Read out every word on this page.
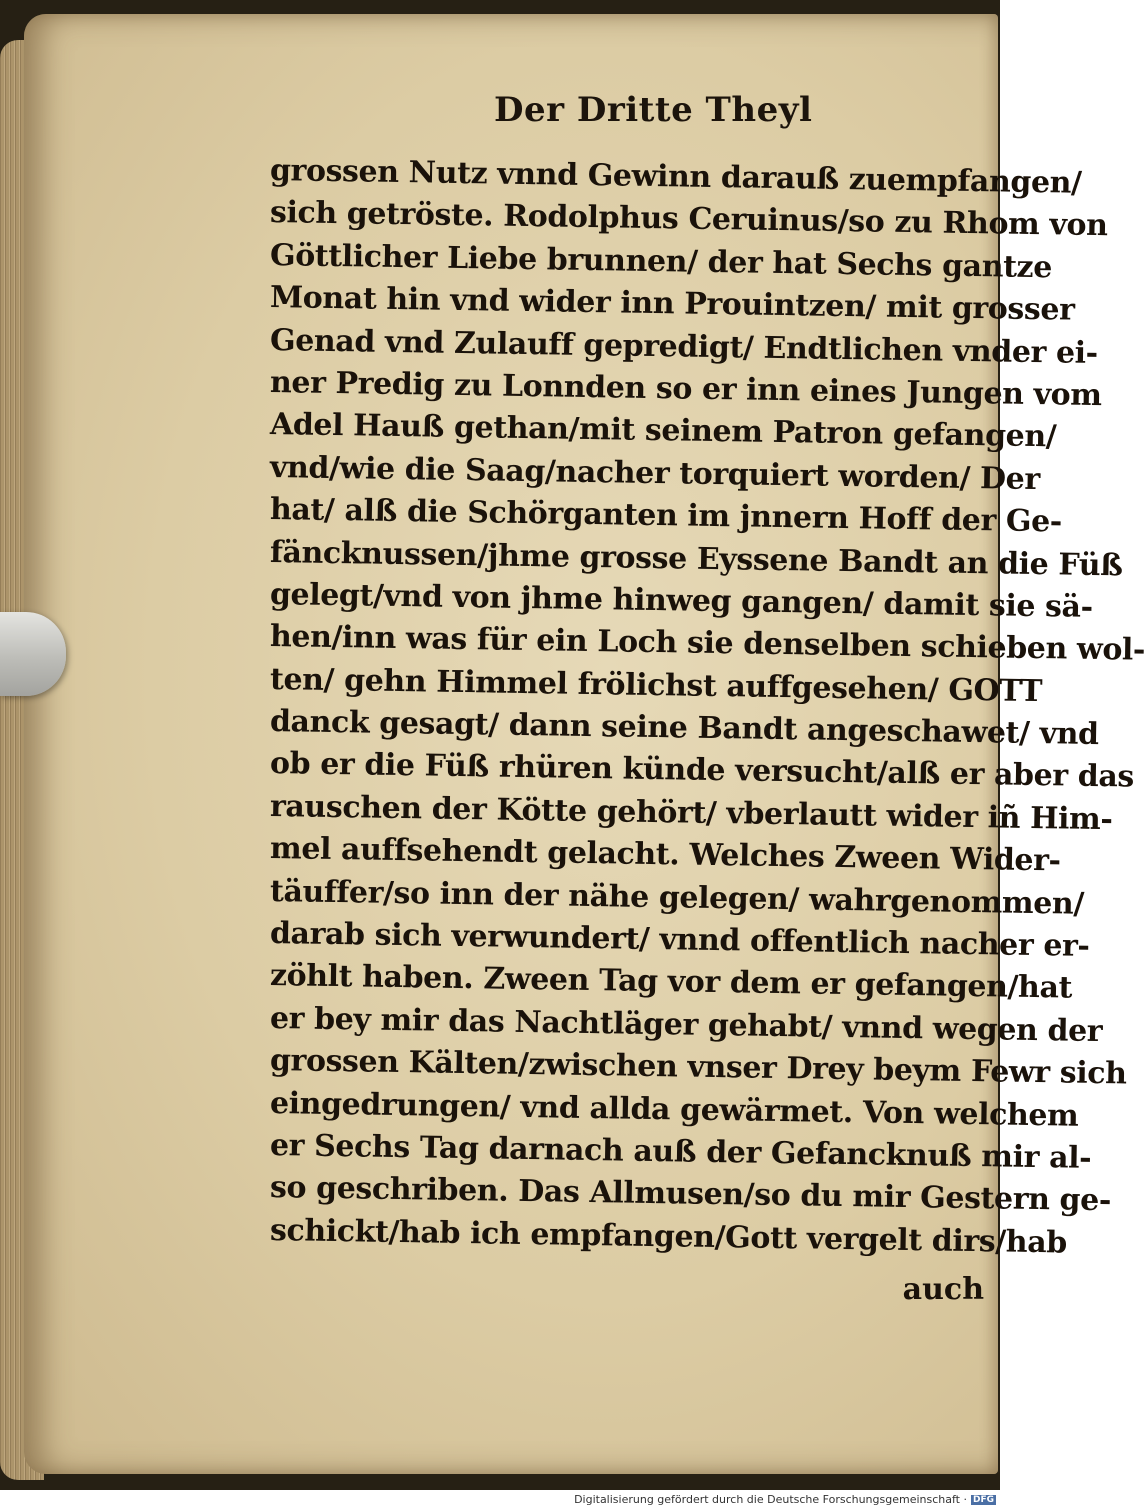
Der Dritte Theyl
grossen Nutz vnnd Gewinn darauß zuempfangen/
sich getröste. Rodolphus Ceruinus/so zu Rhom von
Göttlicher Liebe brunnen/ der hat Sechs gantze
Monat hin vnd wider inn Prouintzen/ mit grosser
Genad vnd Zulauff gepredigt/ Endtlichen vnder ei-
ner Predig zu Lonnden so er inn eines Jungen vom
Adel Hauß gethan/mit seinem Patron gefangen/
vnd/wie die Saag/nacher torquiert worden/ Der
hat/ alß die Schörganten im jnnern Hoff der Ge-
fäncknussen/jhme grosse Eyssene Bandt an die Füß
gelegt/vnd von jhme hinweg gangen/ damit sie sä-
hen/inn was für ein Loch sie denselben schieben wol-
ten/ gehn Himmel frölichst auffgesehen/ GOTT
danck gesagt/ dann seine Bandt angeschawet/ vnd
ob er die Füß rhüren künde versucht/alß er aber das
rauschen der Kötte gehört/ vberlautt wider iñ Him-
mel auffsehendt gelacht. Welches Zween Wider-
täuffer/so inn der nähe gelegen/ wahrgenommen/
darab sich verwundert/ vnnd offentlich nacher er-
zöhlt haben. Zween Tag vor dem er gefangen/hat
er bey mir das Nachtläger gehabt/ vnnd wegen der
grossen Kälten/zwischen vnser Drey beym Fewr sich
eingedrungen/ vnd allda gewärmet. Von welchem
er Sechs Tag darnach auß der Gefancknuß mir al-
so geschriben. Das Allmusen/so du mir Gestern ge-
schickt/hab ich empfangen/Gott vergelt dirs/hab
auch
Digitalisierung gefördert durch die Deutsche Forschungsgemeinschaft · DFG
